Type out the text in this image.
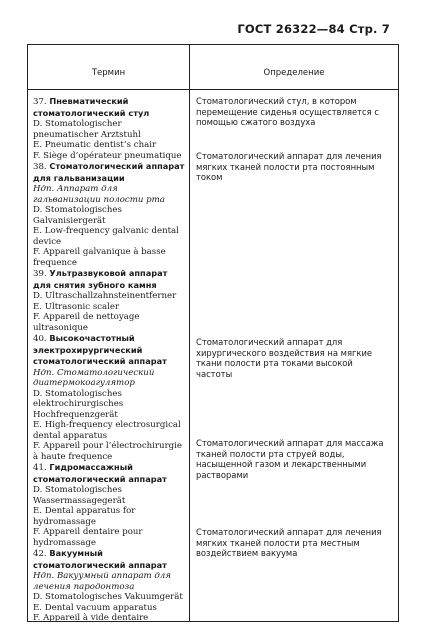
ГОСТ 26322—84 Стр. 7
Термин	Определение
37. Пневматический стоматологический стул
D. Stomatologischer pneumatischer Arztstuhl
E. Pneumatic dentist’s chair
F. Siège d’opérateur pneumatique
38. Стоматологический аппарат для гальванизации
Ндп. Аппарат для гальванизации полости рта
D. Stomatologisches Galvanisiergerät
E. Low-frequency galvanic dental device
F. Appareil galvanique à basse frequence
39. Ультразвуковой аппарат для снятия зубного камня
D. Ultraschallzahnsteinentferner
E. Ultrasonic scaler
F. Appareil de nettoyage ultrasonique
40. Высокочастотный электрохирургический стоматологический аппарат
Ндп. Стоматологический диатермокоагулятор
D. Stomatologisches elektrochirurgisches Hochfrequenzgerät
E. High-frequency electrosurgical dental apparatus
F. Appareil pour l’électrochirurgie à haute frequence
41. Гидромассажный стоматологический аппарат
D. Stomatologisches Wassermassagegerät
E. Dental apparatus for hydromassage
F. Appareil dentaire pour hydromassage
42. Вакуумный стоматологический аппарат
Ндп. Вакуумный аппарат для лечения пародонтоза
D. Stomatologisches Vakuumgerät
E. Dental vacuum apparatus
F. Appareil à vide dentaire
Стоматологический стул, в котором перемещение сиденья осуществляется с помощью сжатого воздуха
Стоматологический аппарат для лечения мягких тканей полости рта постоянным током
Стоматологический аппарат для хирургического воздействия на мягкие ткани полости рта токами высокой частоты
Стоматологический аппарат для массажа тканей полости рта струей воды, насыщенной газом и лекарственными растворами
Стоматологический аппарат для лечения мягких тканей полости рта местным воздействием вакуума
